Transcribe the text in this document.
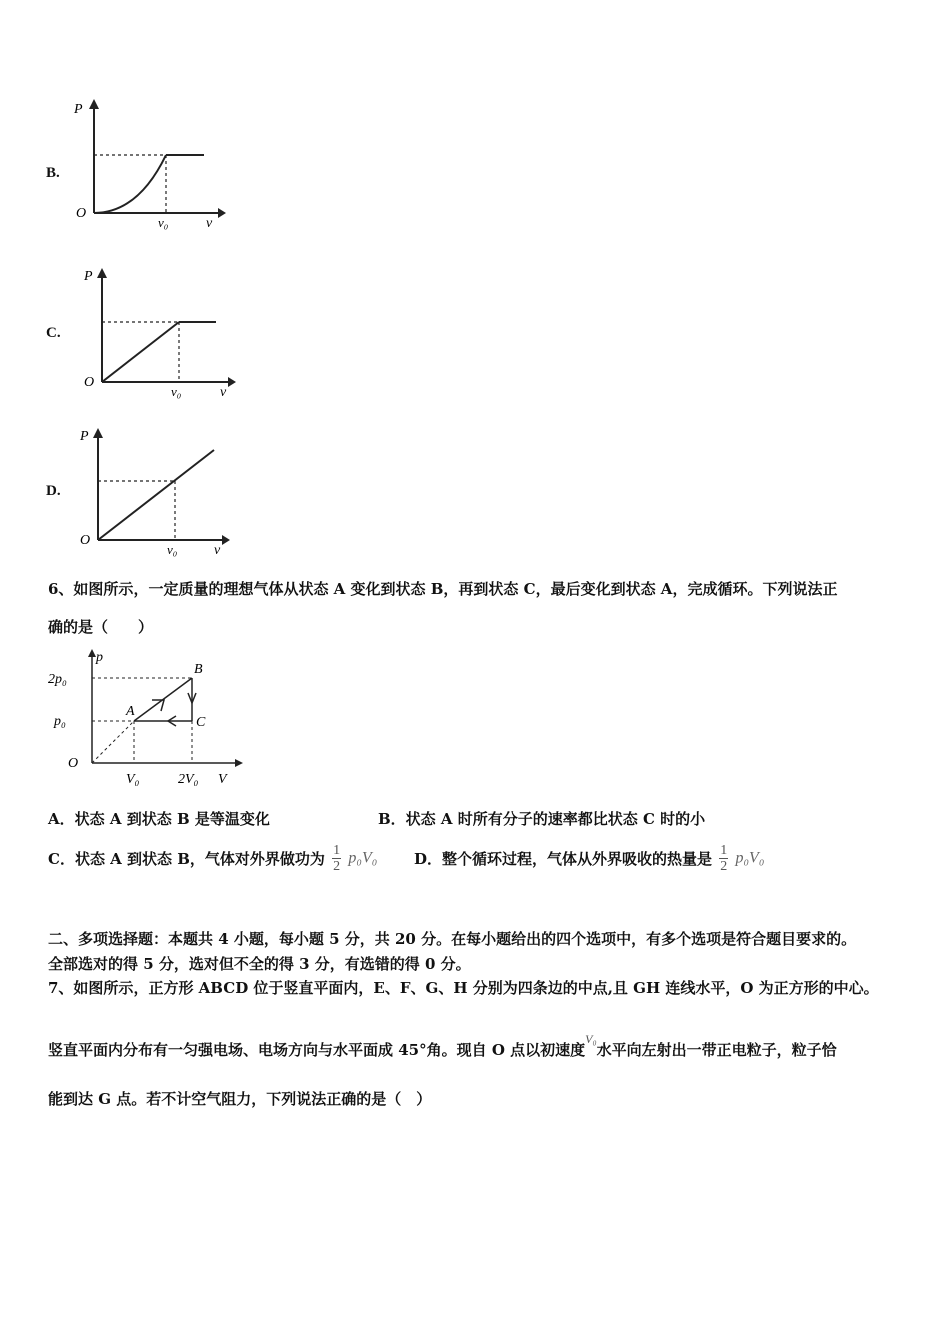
B.
P
O
v₀	v
C.
P
O
v₀	v
D.
P
O
v₀	v
6、如图所示，一定质量的理想气体从状态 A 变化到状态 B，再到状态 C，最后变化到状态 A，完成循环。下列说法正
确的是（　　）
p
2p₀
p₀
O
V₀	2V₀ V
A
B
C
A．状态 A 到状态 B 是等温变化	B．状态 A 时所有分子的速率都比状态 C 时的小
C．状态 A 到状态 B，气体对外界做功为 $\frac{1}{2} p_0V_0$ D．整个循环过程，气体从外界吸收的热量是 $\frac{1}{2} p_0V_0$
二、多项选择题：本题共 4 小题，每小题 5 分，共 20 分。在每小题给出的四个选项中，有多个选项是符合题目要求的。
全部选对的得 5 分，选对但不全的得 3 分，有选错的得 0 分。
7、如图所示，正方形 ABCD 位于竖直平面内，E、F、G、H 分别为四条边的中点,且 GH 连线水平，O 为正方形的中心。
竖直平面内分布有一匀强电场、电场方向与水平面成 45°角。现自 O 点以初速度$^{V_0}$水平向左射出一带正电粒子，粒子恰
能到达 G 点。若不计空气阻力，下列说法正确的是（　）
